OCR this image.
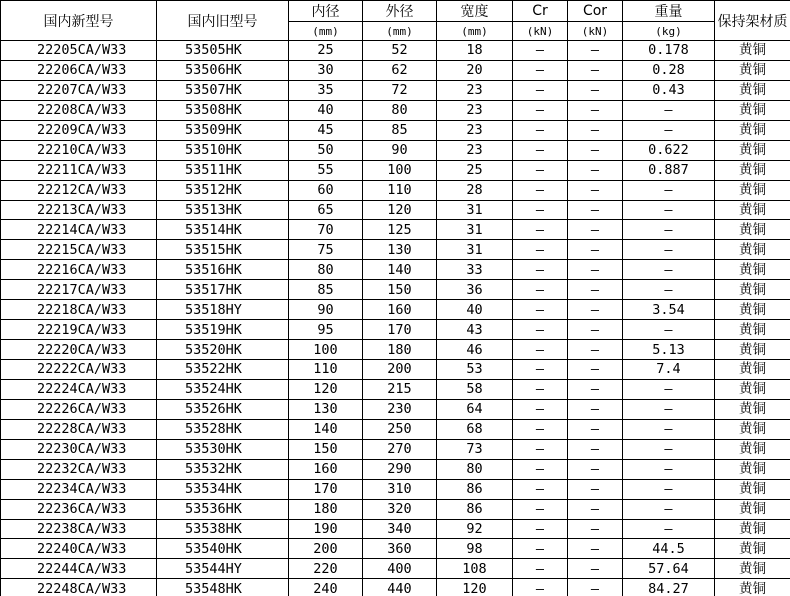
国内新型号	国内旧型号	内径	外径	宽度	Cr	Cor	重量	保持架材质
		(mm)	(mm)	(mm)	(kN)	(kN)	(kg)	
22205CA/W33	53505HK	25	52	18	—	—	0.178	黄铜
22206CA/W33	53506HK	30	62	20	—	—	0.28	黄铜
22207CA/W33	53507HK	35	72	23	—	—	0.43	黄铜
22208CA/W33	53508HK	40	80	23	—	—	—	黄铜
22209CA/W33	53509HK	45	85	23	—	—	—	黄铜
22210CA/W33	53510HK	50	90	23	—	—	0.622	黄铜
22211CA/W33	53511HK	55	100	25	—	—	0.887	黄铜
22212CA/W33	53512HK	60	110	28	—	—	—	黄铜
22213CA/W33	53513HK	65	120	31	—	—	—	黄铜
22214CA/W33	53514HK	70	125	31	—	—	—	黄铜
22215CA/W33	53515HK	75	130	31	—	—	—	黄铜
22216CA/W33	53516HK	80	140	33	—	—	—	黄铜
22217CA/W33	53517HK	85	150	36	—	—	—	黄铜
22218CA/W33	53518HY	90	160	40	—	—	3.54	黄铜
22219CA/W33	53519HK	95	170	43	—	—	—	黄铜
22220CA/W33	53520HK	100	180	46	—	—	5.13	黄铜
22222CA/W33	53522HK	110	200	53	—	—	7.4	黄铜
22224CA/W33	53524HK	120	215	58	—	—	—	黄铜
22226CA/W33	53526HK	130	230	64	—	—	—	黄铜
22228CA/W33	53528HK	140	250	68	—	—	—	黄铜
22230CA/W33	53530HK	150	270	73	—	—	—	黄铜
22232CA/W33	53532HK	160	290	80	—	—	—	黄铜
22234CA/W33	53534HK	170	310	86	—	—	—	黄铜
22236CA/W33	53536HK	180	320	86	—	—	—	黄铜
22238CA/W33	53538HK	190	340	92	—	—	—	黄铜
22240CA/W33	53540HK	200	360	98	—	—	44.5	黄铜
22244CA/W33	53544HY	220	400	108	—	—	57.64	黄铜
22248CA/W33	53548HK	240	440	120	—	—	84.27	黄铜
